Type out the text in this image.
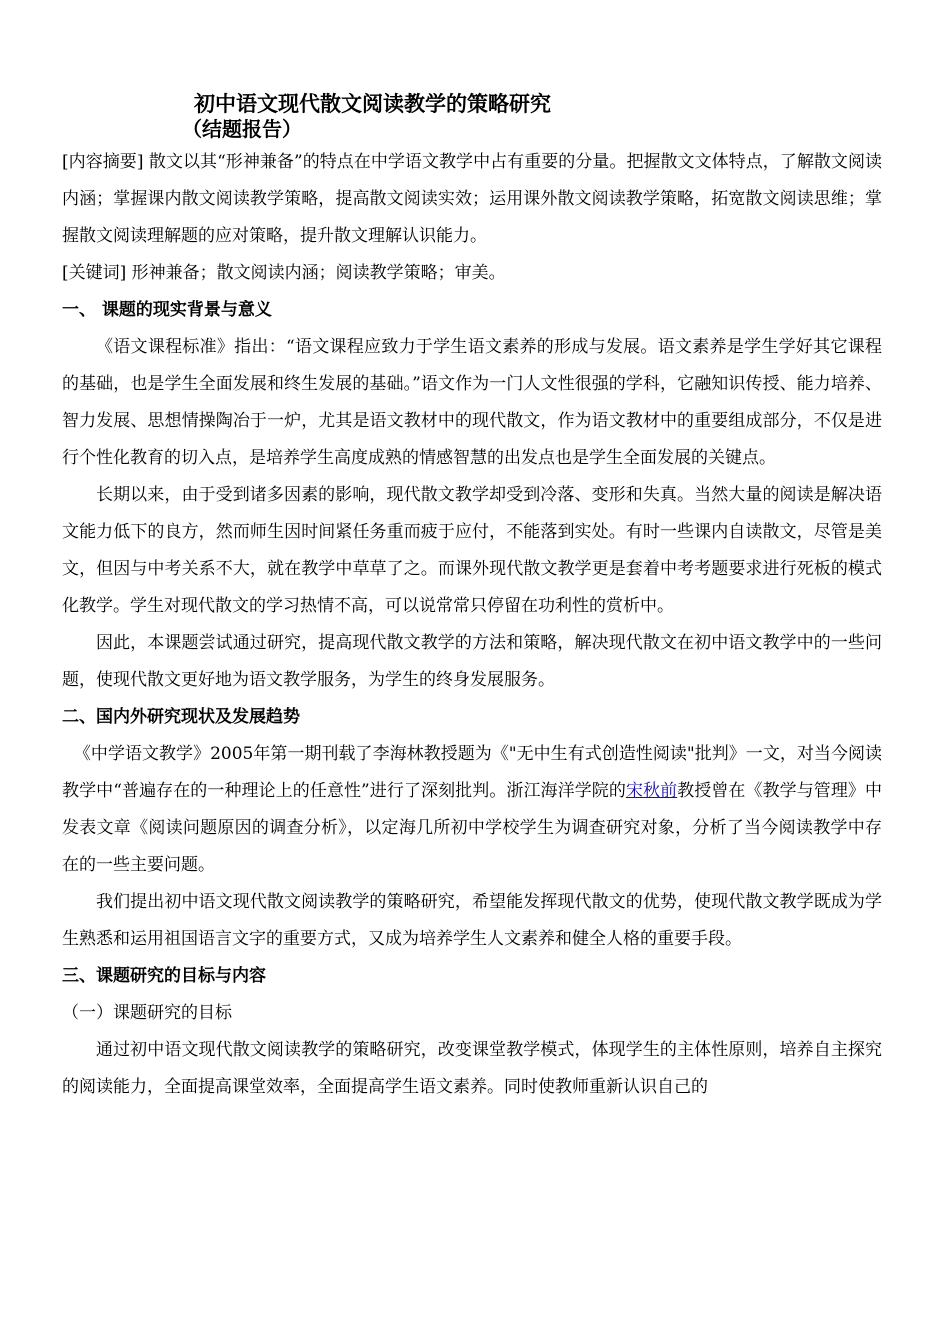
初中语文现代散文阅读教学的策略研究
（结题报告）

[内容摘要] 散文以其“形神兼备”的特点在中学语文教学中占有重要的分量。把握散文文体特点，了解散文阅读内涵；掌握课内散文阅读教学策略，提高散文阅读实效；运用课外散文阅读教学策略，拓宽散文阅读思维；掌握散文阅读理解题的应对策略，提升散文理解认识能力。

[关键词] 形神兼备；散文阅读内涵；阅读教学策略；审美。

一、 课题的现实背景与意义

《语文课程标准》指出：“语文课程应致力于学生语文素养的形成与发展。语文素养是学生学好其它课程的基础，也是学生全面发展和终生发展的基础。”语文作为一门人文性很强的学科，它融知识传授、能力培养、智力发展、思想情操陶冶于一炉，尤其是语文教材中的现代散文，作为语文教材中的重要组成部分，不仅是进行个性化教育的切入点，是培养学生高度成熟的情感智慧的出发点也是学生全面发展的关键点。

长期以来，由于受到诸多因素的影响，现代散文教学却受到冷落、变形和失真。当然大量的阅读是解决语文能力低下的良方，然而师生因时间紧任务重而疲于应付，不能落到实处。有时一些课内自读散文，尽管是美文，但因与中考关系不大，就在教学中草草了之。而课外现代散文教学更是套着中考考题要求进行死板的模式化教学。学生对现代散文的学习热情不高，可以说常常只停留在功利性的赏析中。

因此，本课题尝试通过研究，提高现代散文教学的方法和策略，解决现代散文在初中语文教学中的一些问题，使现代散文更好地为语文教学服务，为学生的终身发展服务。

二、国内外研究现状及发展趋势

《中学语文教学》2005年第一期刊载了李海林教授题为《"无中生有式创造性阅读"批判》一文，对当今阅读教学中“普遍存在的一种理论上的任意性”进行了深刻批判。浙江海洋学院的宋秋前教授曾在《教学与管理》中发表文章《阅读问题原因的调查分析》，以定海几所初中学校学生为调查研究对象，分析了当今阅读教学中存在的一些主要问题。

我们提出初中语文现代散文阅读教学的策略研究，希望能发挥现代散文的优势，使现代散文教学既成为学生熟悉和运用祖国语言文字的重要方式，又成为培养学生人文素养和健全人格的重要手段。

三、课题研究的目标与内容
（一）课题研究的目标

通过初中语文现代散文阅读教学的策略研究，改变课堂教学模式，体现学生的主体性原则，培养自主探究的阅读能力，全面提高课堂效率，全面提高学生语文素养。同时使教师重新认识自己的
